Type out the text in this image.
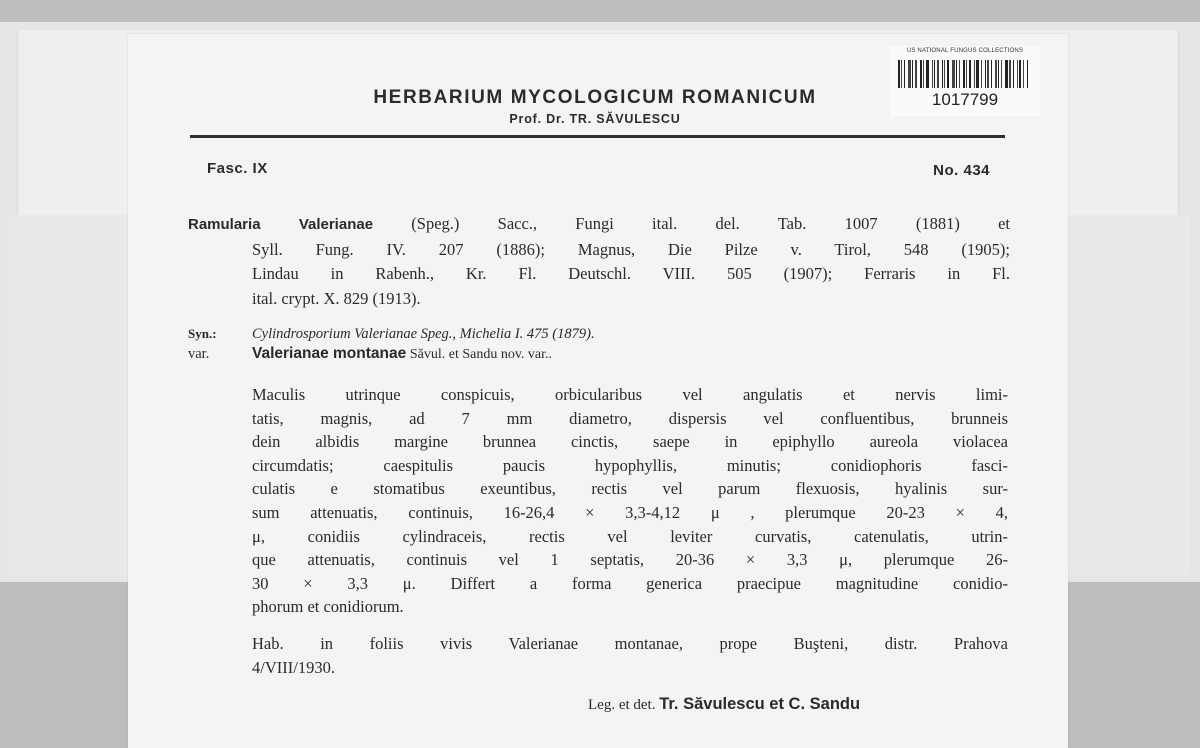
US NATIONAL FUNGUS COLLECTIONS
1017799
HERBARIUM MYCOLOGICUM ROMANICUM
Prof. Dr. TR. SĂVULESCU
Fasc. IX	No. 434
Ramularia Valerianae (Speg.) Sacc., Fungi ital. del. Tab. 1007 (1881) et
Syll. Fung. IV. 207 (1886); Magnus, Die Pilze v. Tirol, 548 (1905);
Lindau in Rabenh., Kr. Fl. Deutschl. VIII. 505 (1907); Ferraris in Fl.
ital. crypt. X. 829 (1913).
Syn.: Cylindrosporium Valerianae Speg., Michelia I. 475 (1879).
var.	Valerianae montanae Săvul. et Sandu nov. var..
Maculis utrinque conspicuis, orbicularibus vel angulatis et nervis limi-
tatis, magnis, ad 7 mm diametro, dispersis vel confluentibus, brunneis
dein albidis margine brunnea cinctis, saepe in epiphyllo aureola violacea
circumdatis; caespitulis paucis hypophyllis, minutis; conidiophoris fasci-
culatis e stomatibus exeuntibus, rectis vel parum flexuosis, hyalinis sur-
sum attenuatis, continuis, 16-26,4 × 3,3-4,12 μ , plerumque 20-23 × 4,
μ, conidiis cylindraceis, rectis vel leviter curvatis, catenulatis, utrin-
que attenuatis, continuis vel 1 septatis, 20-36 × 3,3 μ, plerumque 26-
30 × 3,3 μ. Differt a forma generica praecipue magnitudine conidio-
phorum et conidiorum.
Hab. in foliis vivis Valerianae montanae, prope Buşteni, distr. Prahova
4/VIII/1930.
Leg. et det. Tr. Săvulescu et C. Sandu
